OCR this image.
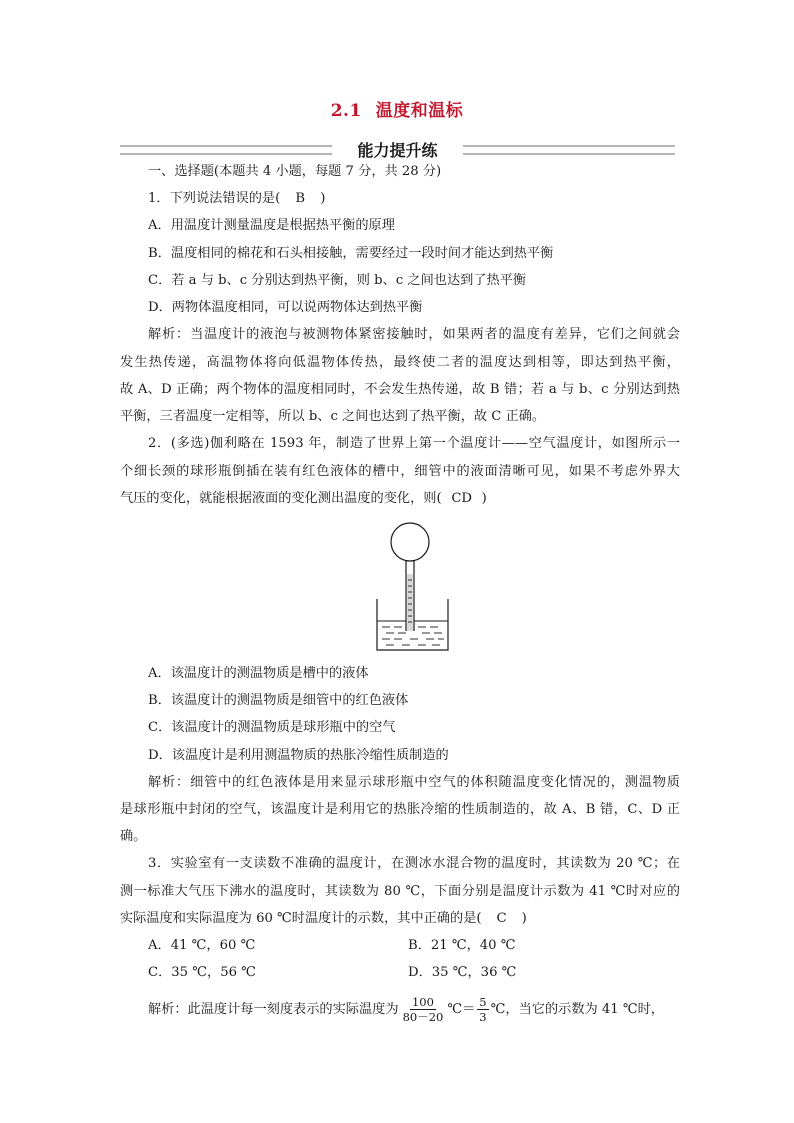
2.1 温度和温标
能力提升练
一、选择题(本题共 4 小题，每题 7 分，共 28 分)
1．下列说法错误的是( B )
A．用温度计测量温度是根据热平衡的原理
B．温度相同的棉花和石头相接触，需要经过一段时间才能达到热平衡
C．若 a 与 b、c 分别达到热平衡，则 b、c 之间也达到了热平衡
D．两物体温度相同，可以说两物体达到热平衡
解析：当温度计的液泡与被测物体紧密接触时，如果两者的温度有差异，它们之间就会
发生热传递，高温物体将向低温物体传热，最终使二者的温度达到相等，即达到热平衡，
故 A、D 正确；两个物体的温度相同时，不会发生热传递，故 B 错；若 a 与 b、c 分别达到热
平衡，三者温度一定相等，所以 b、c 之间也达到了热平衡，故 C 正确。
2．(多选)伽利略在 1593 年，制造了世界上第一个温度计——空气温度计，如图所示一
个细长颈的球形瓶倒插在装有红色液体的槽中，细管中的液面清晰可见，如果不考虑外界大
气压的变化，就能根据液面的变化测出温度的变化，则( CD )
A．该温度计的测温物质是槽中的液体
B．该温度计的测温物质是细管中的红色液体
C．该温度计的测温物质是球形瓶中的空气
D．该温度计是利用测温物质的热胀冷缩性质制造的
解析：细管中的红色液体是用来显示球形瓶中空气的体积随温度变化情况的，测温物质
是球形瓶中封闭的空气，该温度计是利用它的热胀冷缩的性质制造的，故 A、B 错，C、D 正
确。
3．实验室有一支读数不准确的温度计，在测冰水混合物的温度时，其读数为 20 ℃；在
测一标准大气压下沸水的温度时，其读数为 80 ℃，下面分别是温度计示数为 41 ℃时对应的
实际温度和实际温度为 60 ℃时温度计的示数，其中正确的是( C )
A．41 ℃，60 ℃	B．21 ℃，40 ℃
C．35 ℃，56 ℃	D．35 ℃，36 ℃
解析：此温度计每一刻度表示的实际温度为 $\frac{100}{80-20}$ ℃＝ $\frac{5}{3}$ ℃，当它的示数为 41 ℃时，
